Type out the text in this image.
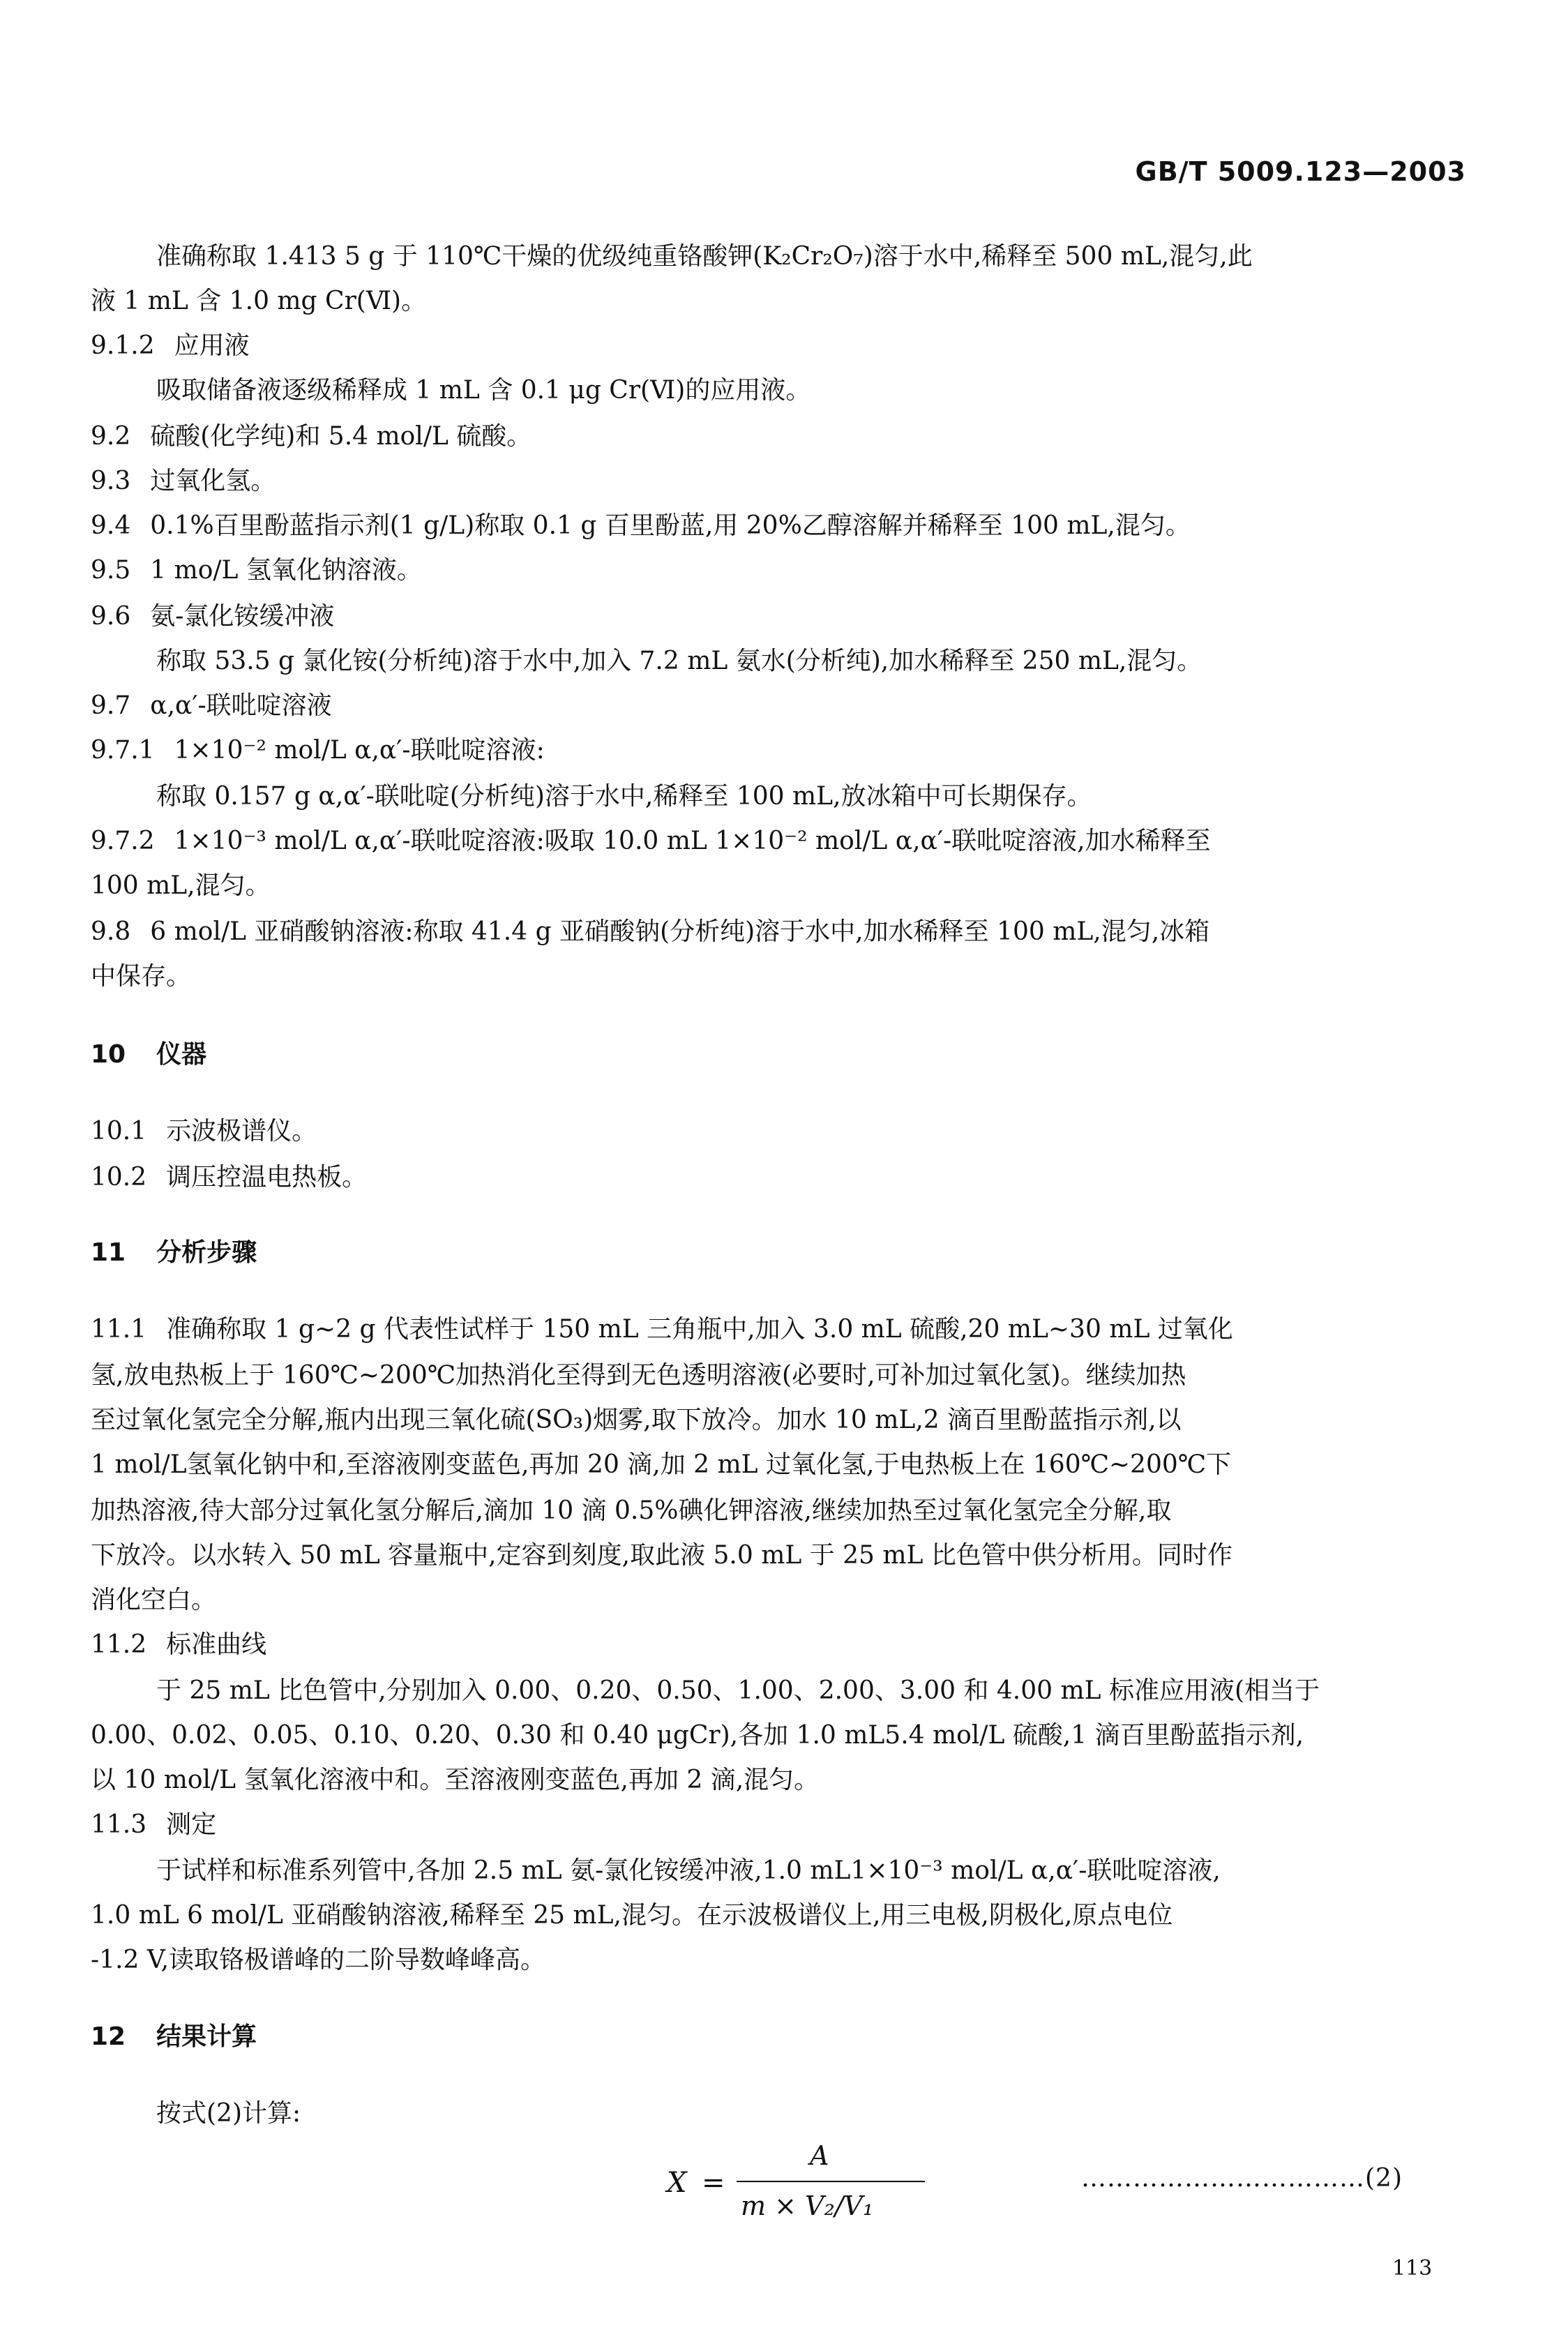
GB/T 5009.123—2003
准确称取 1.413 5 g 于 110℃干燥的优级纯重铬酸钾(K₂Cr₂O₇)溶于水中,稀释至 500 mL,混匀,此
液 1 mL 含 1.0 mg Cr(Ⅵ)。
9.1.2 应用液
吸取储备液逐级稀释成 1 mL 含 0.1 μg Cr(Ⅵ)的应用液。
9.2 硫酸(化学纯)和 5.4 mol/L 硫酸。
9.3 过氧化氢。
9.4 0.1%百里酚蓝指示剂(1 g/L)称取 0.1 g 百里酚蓝,用 20%乙醇溶解并稀释至 100 mL,混匀。
9.5 1 mo/L 氢氧化钠溶液。
9.6 氨-氯化铵缓冲液
称取 53.5 g 氯化铵(分析纯)溶于水中,加入 7.2 mL 氨水(分析纯),加水稀释至 250 mL,混匀。
9.7 α,α′-联吡啶溶液
9.7.1 1×10⁻² mol/L α,α′-联吡啶溶液:
称取 0.157 g α,α′-联吡啶(分析纯)溶于水中,稀释至 100 mL,放冰箱中可长期保存。
9.7.2 1×10⁻³ mol/L α,α′-联吡啶溶液:吸取 10.0 mL 1×10⁻² mol/L α,α′-联吡啶溶液,加水稀释至
100 mL,混匀。
9.8 6 mol/L 亚硝酸钠溶液:称取 41.4 g 亚硝酸钠(分析纯)溶于水中,加水稀释至 100 mL,混匀,冰箱
中保存。
10 仪器
10.1 示波极谱仪。
10.2 调压控温电热板。
11 分析步骤
11.1 准确称取 1 g~2 g 代表性试样于 150 mL 三角瓶中,加入 3.0 mL 硫酸,20 mL~30 mL 过氧化
氢,放电热板上于 160℃~200℃加热消化至得到无色透明溶液(必要时,可补加过氧化氢)。继续加热
至过氧化氢完全分解,瓶内出现三氧化硫(SO₃)烟雾,取下放冷。加水 10 mL,2 滴百里酚蓝指示剂,以
1 mol/L氢氧化钠中和,至溶液刚变蓝色,再加 20 滴,加 2 mL 过氧化氢,于电热板上在 160℃~200℃下
加热溶液,待大部分过氧化氢分解后,滴加 10 滴 0.5%碘化钾溶液,继续加热至过氧化氢完全分解,取
下放冷。以水转入 50 mL 容量瓶中,定容到刻度,取此液 5.0 mL 于 25 mL 比色管中供分析用。同时作
消化空白。
11.2 标准曲线
于 25 mL 比色管中,分别加入 0.00、0.20、0.50、1.00、2.00、3.00 和 4.00 mL 标准应用液(相当于
0.00、0.02、0.05、0.10、0.20、0.30 和 0.40 μgCr),各加 1.0 mL5.4 mol/L 硫酸,1 滴百里酚蓝指示剂,
以 10 mol/L 氢氧化溶液中和。至溶液刚变蓝色,再加 2 滴,混匀。
11.3 测定
于试样和标准系列管中,各加 2.5 mL 氨-氯化铵缓冲液,1.0 mL1×10⁻³ mol/L α,α′-联吡啶溶液,
1.0 mL 6 mol/L 亚硝酸钠溶液,稀释至 25 mL,混匀。在示波极谱仪上,用三电极,阴极化,原点电位
-1.2 V,读取铬极谱峰的二阶导数峰峰高。
12 结果计算
按式(2)计算:
X =
A
m × V₂/V₁
……………………………(2)
113
